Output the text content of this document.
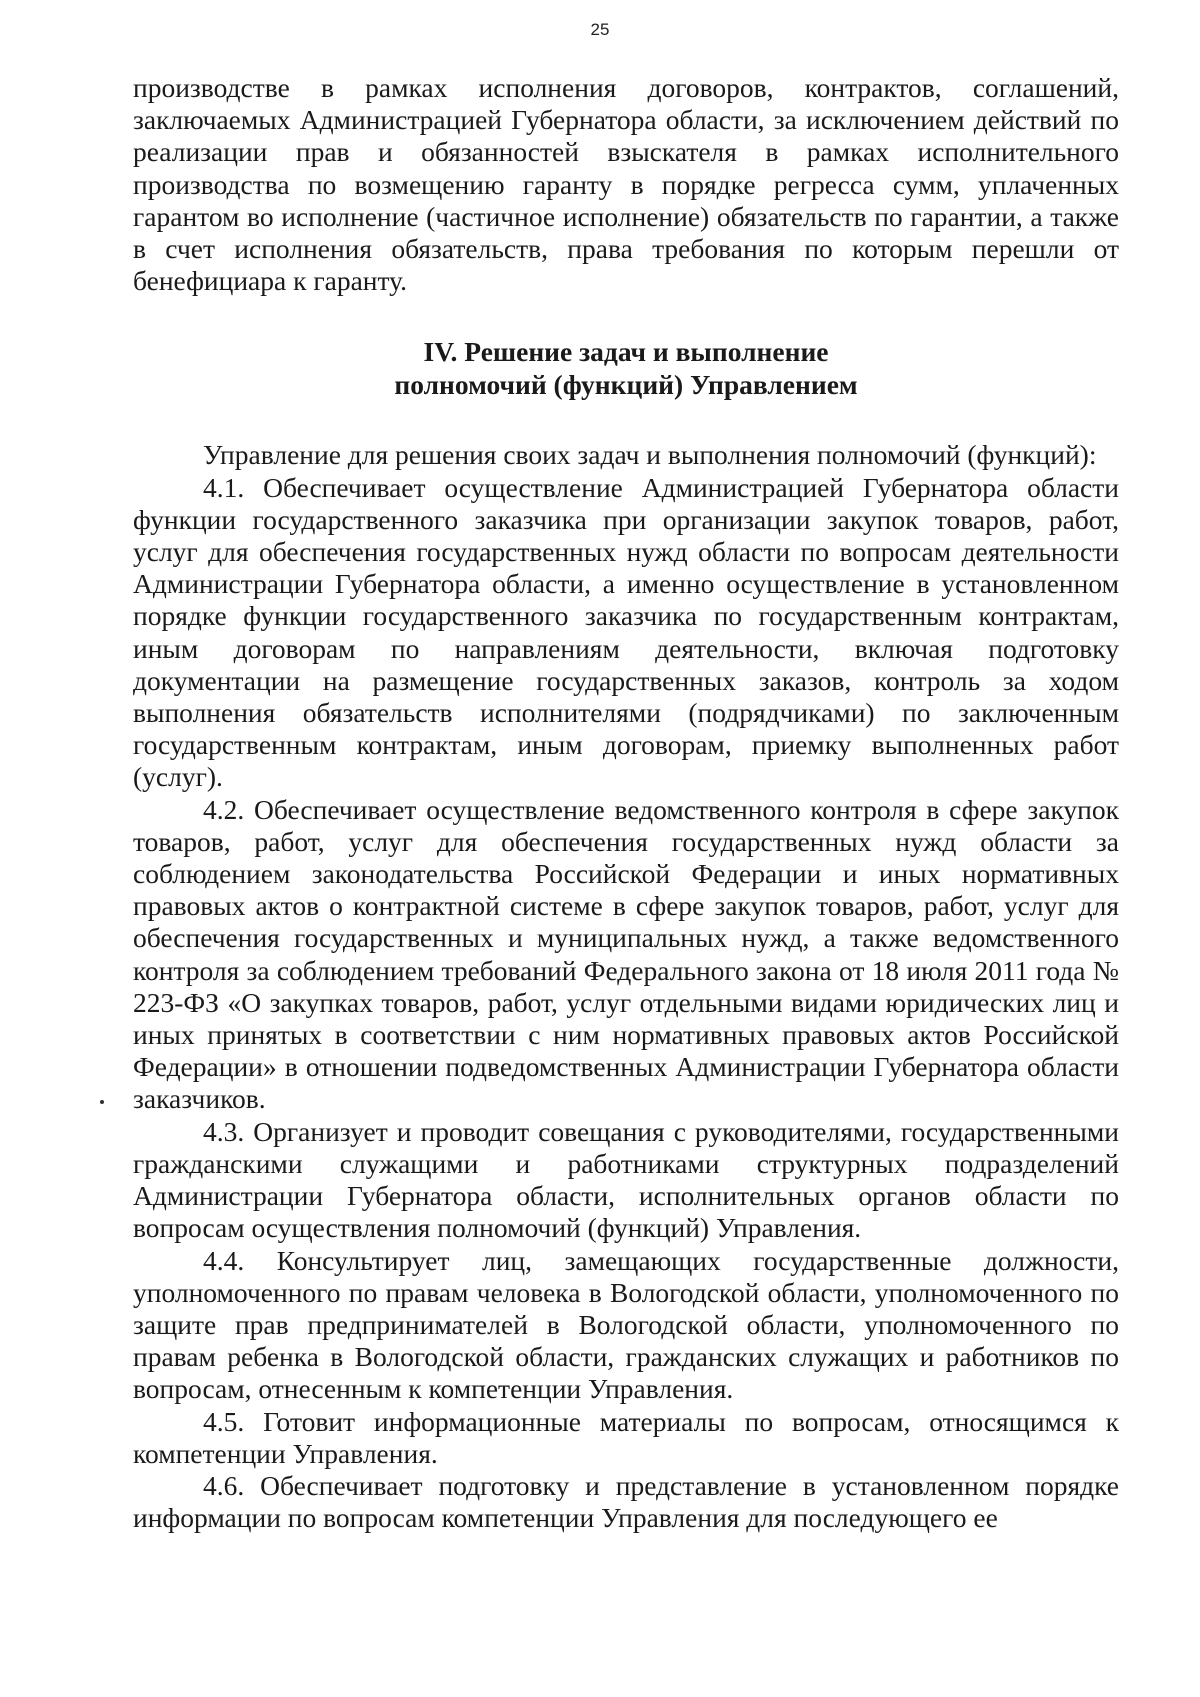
25

производстве в рамках исполнения договоров, контрактов, соглашений, заключаемых Администрацией Губернатора области, за исключением действий по реализации прав и обязанностей взыскателя в рамках исполнительного производства по возмещению гаранту в порядке регресса сумм, уплаченных гарантом во исполнение (частичное исполнение) обязательств по гарантии, а также в счет исполнения обязательств, права требования по которым перешли от бенефициара к гаранту.

IV. Решение задач и выполнение
полномочий (функций) Управлением

Управление для решения своих задач и выполнения полномочий (функций):

4.1. Обеспечивает осуществление Администрацией Губернатора области функции государственного заказчика при организации закупок товаров, работ, услуг для обеспечения государственных нужд области по вопросам деятельности Администрации Губернатора области, а именно осуществление в установленном порядке функции государственного заказчика по государственным контрактам, иным договорам по направлениям деятельности, включая подготовку документации на размещение государственных заказов, контроль за ходом выполнения обязательств исполнителями (подрядчиками) по заключенным государственным контрактам, иным договорам, приемку выполненных работ (услуг).

4.2. Обеспечивает осуществление ведомственного контроля в сфере закупок товаров, работ, услуг для обеспечения государственных нужд области за соблюдением законодательства Российской Федерации и иных нормативных правовых актов о контрактной системе в сфере закупок товаров, работ, услуг для обеспечения государственных и муниципальных нужд, а также ведомственного контроля за соблюдением требований Федерального закона от 18 июля 2011 года № 223-ФЗ «О закупках товаров, работ, услуг отдельными видами юридических лиц и иных принятых в соответствии с ним нормативных правовых актов Российской Федерации» в отношении подведомственных Администрации Губернатора области заказчиков.

4.3. Организует и проводит совещания с руководителями, государственными гражданскими служащими и работниками структурных подразделений Администрации Губернатора области, исполнительных органов области по вопросам осуществления полномочий (функций) Управления.

4.4. Консультирует лиц, замещающих государственные должности, уполномоченного по правам человека в Вологодской области, уполномоченного по защите прав предпринимателей в Вологодской области, уполномоченного по правам ребенка в Вологодской области, гражданских служащих и работников по вопросам, отнесенным к компетенции Управления.

4.5. Готовит информационные материалы по вопросам, относящимся к компетенции Управления.

4.6. Обеспечивает подготовку и представление в установленном порядке информации по вопросам компетенции Управления для последующего ее
